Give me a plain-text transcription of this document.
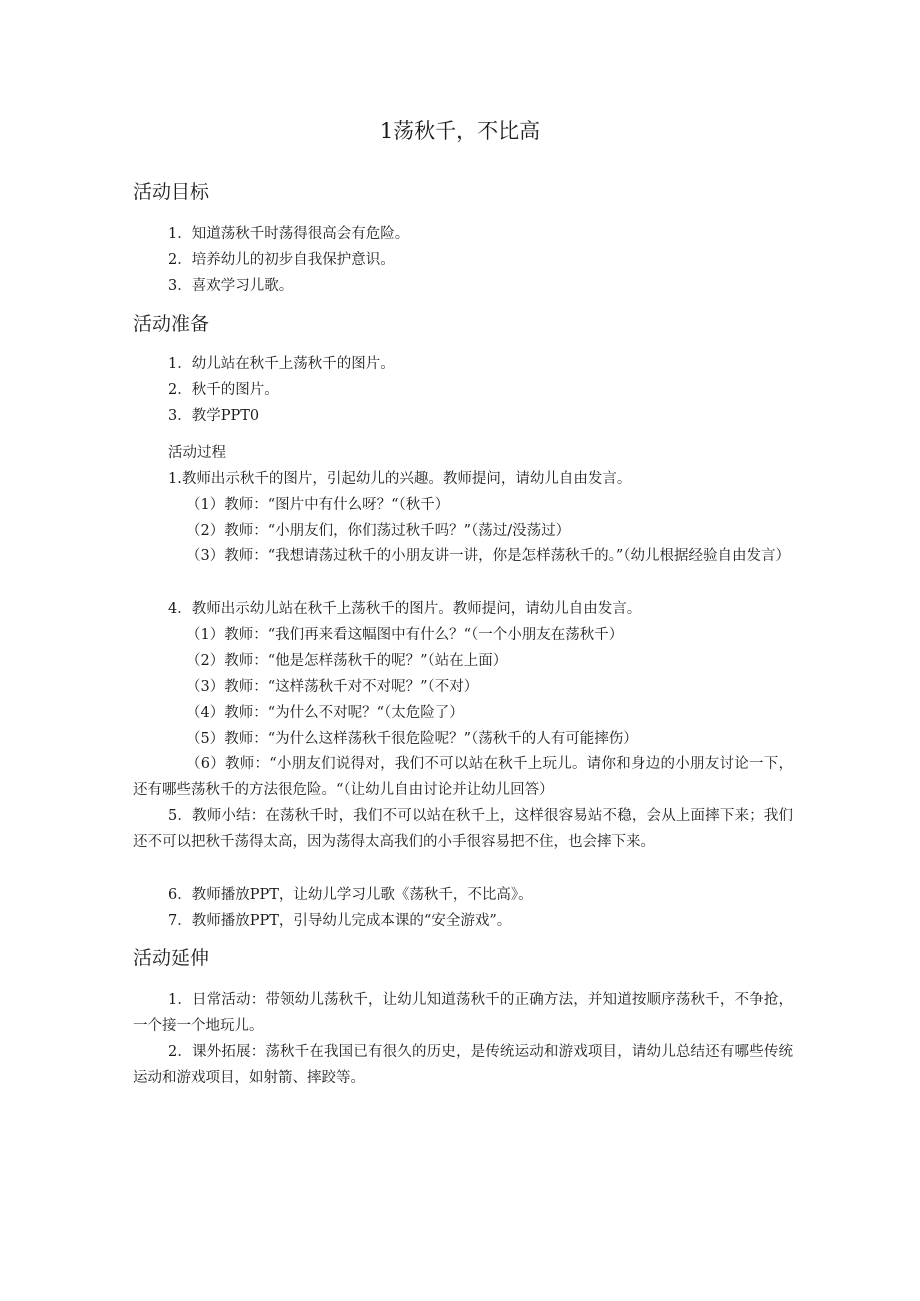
1荡秋千，不比高
活动目标
1．知道荡秋千时荡得很高会有危险。
2．培养幼儿的初步自我保护意识。
3．喜欢学习儿歌。
活动准备
1．幼儿站在秋千上荡秋千的图片。
2．秋千的图片。
3．教学PPT0
活动过程
1.教师出示秋千的图片，引起幼儿的兴趣。教师提问，请幼儿自由发言。
（1）教师：“图片中有什么呀？“（秋千）
（2）教师：“小朋友们，你们荡过秋千吗？”（荡过/没荡过）
（3）教师：“我想请荡过秋千的小朋友讲一讲，你是怎样荡秋千的。”（幼儿根据经验自由发言）
4．教师出示幼儿站在秋千上荡秋千的图片。教师提问，请幼儿自由发言。
（1）教师：“我们再来看这幅图中有什么？“（一个小朋友在荡秋千）
（2）教师：“他是怎样荡秋千的呢？”（站在上面）
（3）教师：“这样荡秋千对不对呢？”（不对）
（4）教师：“为什么不对呢？“（太危险了）
（5）教师：“为什么这样荡秋千很危险呢？”（荡秋千的人有可能摔伤）
（6）教师：“小朋友们说得对，我们不可以站在秋千上玩儿。请你和身边的小朋友讨论一下，还有哪些荡秋千的方法很危险。“（让幼儿自由讨论并让幼儿回答）
5．教师小结：在荡秋千时，我们不可以站在秋千上，这样很容易站不稳，会从上面摔下来；我们还不可以把秋千荡得太高，因为荡得太高我们的小手很容易把不住，也会摔下来。
6．教师播放PPT，让幼儿学习儿歌《荡秋千，不比高》。
7．教师播放PPT，引导幼儿完成本课的“安全游戏”。
活动延伸
1．日常活动：带领幼儿荡秋千，让幼儿知道荡秋千的正确方法，并知道按顺序荡秋千，不争抢，一个接一个地玩儿。
2．课外拓展：荡秋千在我国已有很久的历史，是传统运动和游戏项目，请幼儿总结还有哪些传统运动和游戏项目，如射箭、摔跤等。
